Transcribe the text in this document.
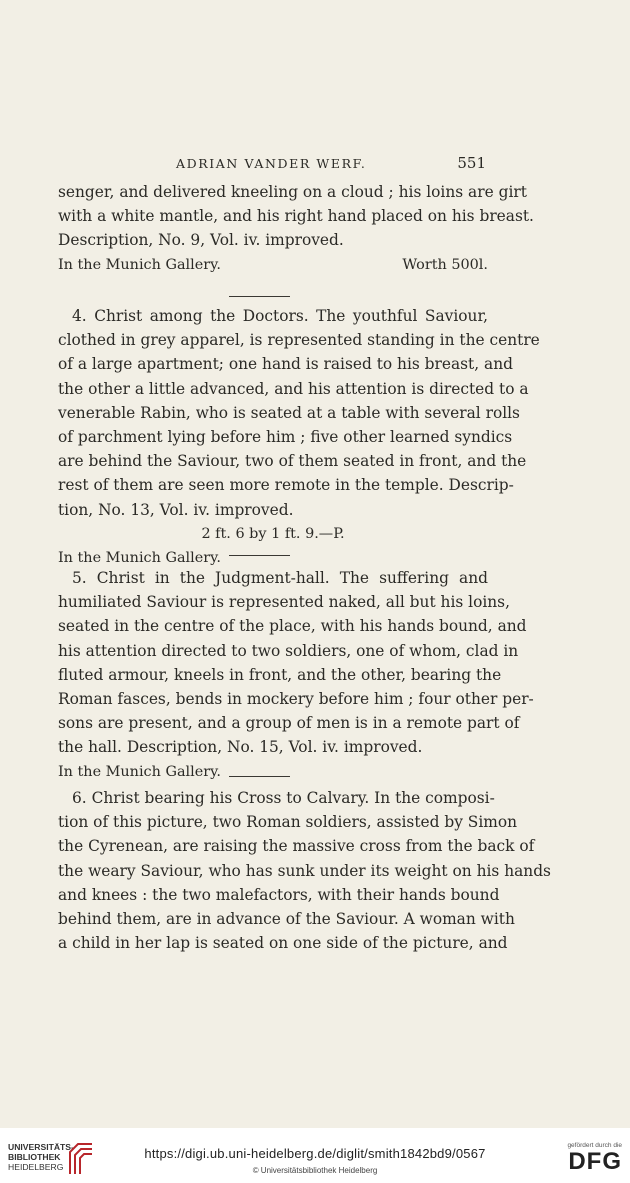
ADRIAN VANDER WERF.	551
senger, and delivered kneeling on a cloud ; his loins are girt
with a white mantle, and his right hand placed on his breast.
Description, No. 9, Vol. iv. improved.
In the Munich Gallery.	Worth 500l.
4. Christ among the Doctors. The youthful Saviour,
clothed in grey apparel, is represented standing in the centre
of a large apartment; one hand is raised to his breast, and
the other a little advanced, and his attention is directed to a
venerable Rabin, who is seated at a table with several rolls
of parchment lying before him ; five other learned syndics
are behind the Saviour, two of them seated in front, and the
rest of them are seen more remote in the temple. Descrip-
tion, No. 13, Vol. iv. improved.
2 ft. 6 by 1 ft. 9.—P.
In the Munich Gallery.
5. Christ in the Judgment-hall. The suffering and
humiliated Saviour is represented naked, all but his loins,
seated in the centre of the place, with his hands bound, and
his attention directed to two soldiers, one of whom, clad in
fluted armour, kneels in front, and the other, bearing the
Roman fasces, bends in mockery before him ; four other per-
sons are present, and a group of men is in a remote part of
the hall. Description, No. 15, Vol. iv. improved.
In the Munich Gallery.
6. Christ bearing his Cross to Calvary. In the composi-
tion of this picture, two Roman soldiers, assisted by Simon
the Cyrenean, are raising the massive cross from the back of
the weary Saviour, who has sunk under its weight on his hands
and knees : the two malefactors, with their hands bound
behind them, are in advance of the Saviour. A woman with
a child in her lap is seated on one side of the picture, and
UNIVERSITÄTS-
BIBLIOTHEK
HEIDELBERG
https://digi.ub.uni-heidelberg.de/diglit/smith1842bd9/0567
© Universitätsbibliothek Heidelberg
gefördert durch die
DFG
